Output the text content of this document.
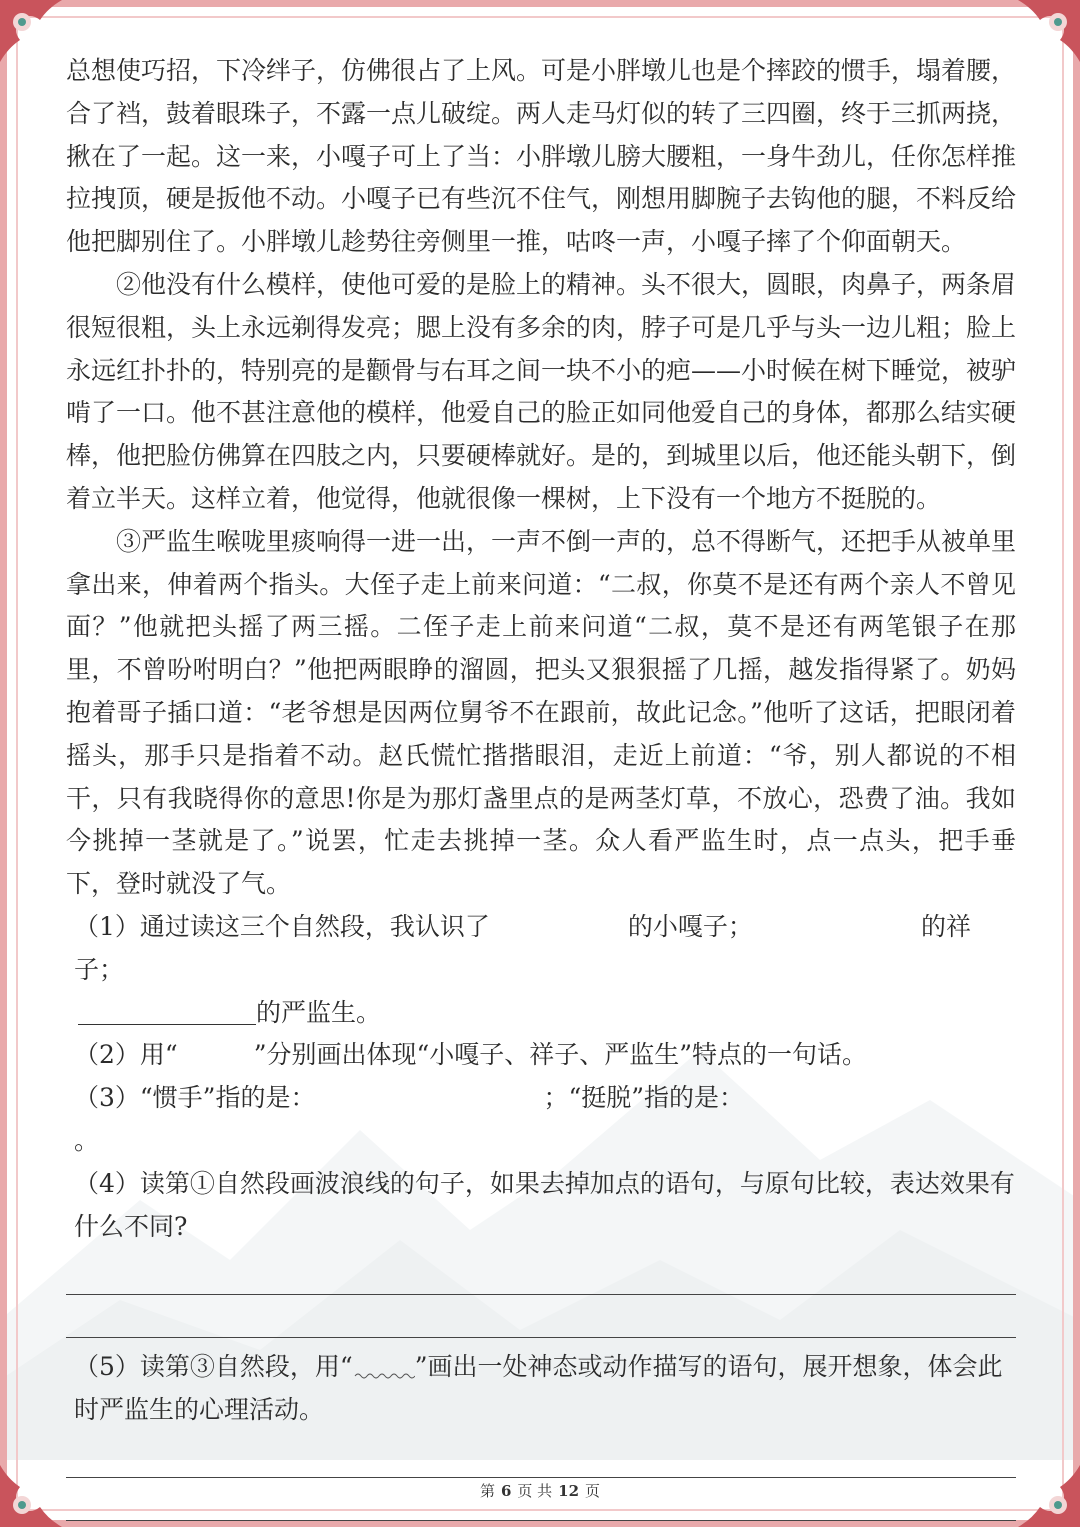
总想使巧招，下冷绊子，仿佛很占了上风。可是小胖墩儿也是个摔跤的惯手，塌着腰，合了裆，鼓着眼珠子，不露一点儿破绽。两人走马灯似的转了三四圈，终于三抓两挠，揪在了一起。这一来，小嘎子可上了当：小胖墩儿膀大腰粗，一身牛劲儿，任你怎样推拉拽顶，硬是扳他不动。小嘎子已有些沉不住气，刚想用脚腕子去钩他的腿，不料反给他把脚别住了。小胖墩儿趁势往旁侧里一推，咕咚一声，小嘎子摔了个仰面朝天。

②他没有什么模样，使他可爱的是脸上的精神。头不很大，圆眼，肉鼻子，两条眉很短很粗，头上永远剃得发亮；腮上没有多余的肉，脖子可是几乎与头一边儿粗；脸上永远红扑扑的，特别亮的是颧骨与右耳之间一块不小的疤——小时候在树下睡觉，被驴啃了一口。他不甚注意他的模样，他爱自己的脸正如同他爱自己的身体，都那么结实硬棒，他把脸仿佛算在四肢之内，只要硬棒就好。是的，到城里以后，他还能头朝下，倒着立半天。这样立着，他觉得，他就很像一棵树，上下没有一个地方不挺脱的。

③严监生喉咙里痰响得一进一出，一声不倒一声的，总不得断气，还把手从被单里拿出来，伸着两个指头。大侄子走上前来问道：“二叔，你莫不是还有两个亲人不曾见面？”他就把头摇了两三摇。二侄子走上前来问道“二叔，莫不是还有两笔银子在那里，不曾吩咐明白？”他把两眼睁的溜圆，把头又狠狠摇了几摇，越发指得紧了。奶妈抱着哥子插口道：“老爷想是因两位舅爷不在跟前，故此记念。”他听了这话，把眼闭着摇头，那手只是指着不动。赵氏慌忙揩揩眼泪，走近上前道：“爷，别人都说的不相干，只有我晓得你的意思!你是为那灯盏里点的是两茎灯草，不放心，恐费了油。我如今挑掉一茎就是了。”说罢，忙走去挑掉一茎。众人看严监生时，点一点头，把手垂下，登时就没了气。

（1）通过读这三个自然段，我认识了	的小嘎子；	的祥子；

的严监生。

（2）用“	”分别画出体现“小嘎子、祥子、严监生”特点的一句话。

（3）“惯手”指的是：	；“挺脱”指的是：。

（4）读第①自然段画波浪线的句子，如果去掉加点的语句，与原句比较，表达效果有什么不同?

（5）读第③自然段，用“ ”画出一处神态或动作描写的语句，展开想象，体会此时严监生的心理活动。

第 6 页 共 12 页
